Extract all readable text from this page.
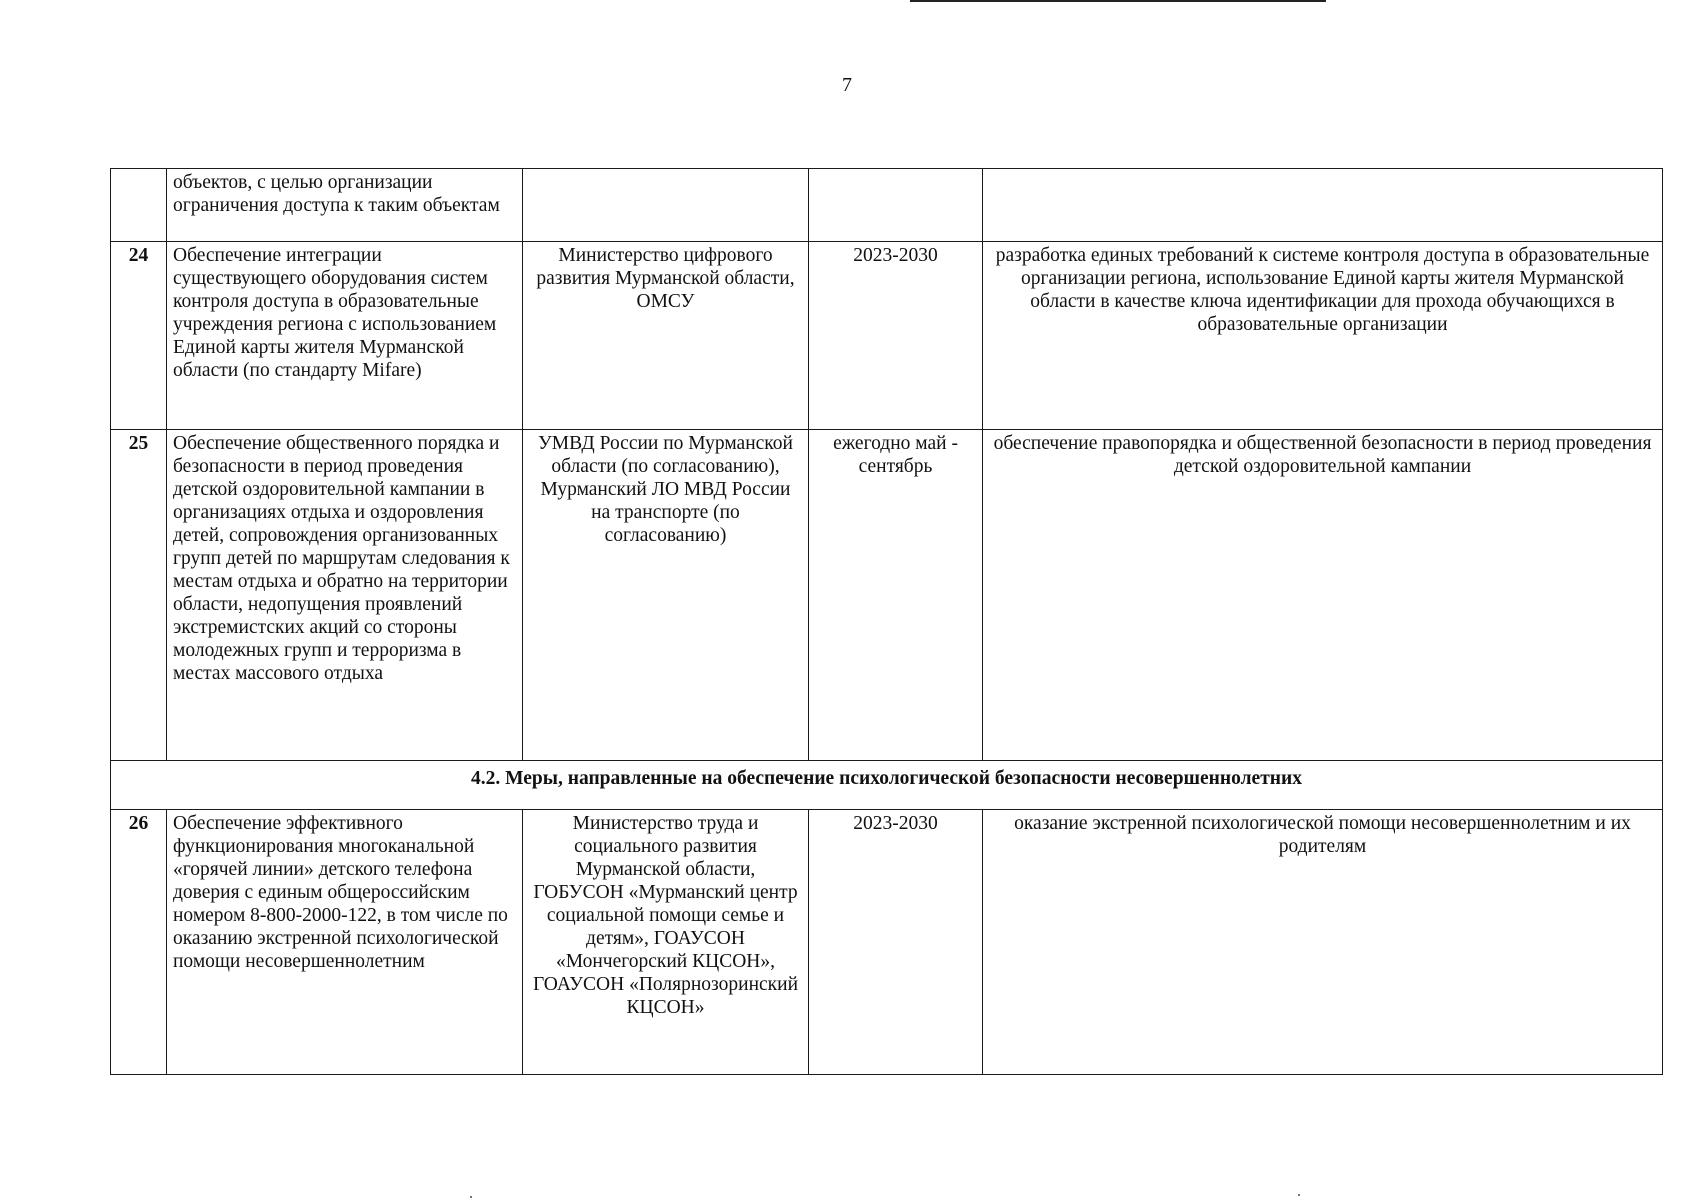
7
	объектов, с целью организации ограничения доступа к таким объектам			
24	Обеспечение интеграции существующего оборудования систем контроля доступа в образовательные учреждения региона с использованием Единой карты жителя Мурманской области (по стандарту Mifare)	Министерство цифрового развития Мурманской области, ОМСУ	2023-2030	разработка единых требований к системе контроля доступа в образовательные организации региона, использование Единой карты жителя Мурманской области в качестве ключа идентификации для прохода обучающихся в образовательные организации
25	Обеспечение общественного порядка и безопасности в период проведения детской оздоровительной кампании в организациях отдыха и оздоровления детей, сопровождения организованных групп детей по маршрутам следования к местам отдыха и обратно на территории области, недопущения проявлений экстремистских акций со стороны молодежных групп и терроризма в местах массового отдыха	УМВД России по Мурманской области (по согласованию), Мурманский ЛО МВД России на транспорте (по согласованию)	ежегодно май - сентябрь	обеспечение правопорядка и общественной безопасности в период проведения детской оздоровительной кампании
4.2. Меры, направленные на обеспечение психологической безопасности несовершеннолетних				
26	Обеспечение эффективного функционирования многоканальной «горячей линии» детского телефона доверия с единым общероссийским номером 8-800-2000-122, в том числе по оказанию экстренной психологической помощи несовершеннолетним	Министерство труда и социального развития Мурманской области, ГОБУСОН «Мурманский центр социальной помощи семье и детям», ГОАУСОН «Мончегорский КЦСОН», ГОАУСОН «Полярнозоринский КЦСОН»	2023-2030	оказание экстренной психологической помощи несовершеннолетним и их родителям
